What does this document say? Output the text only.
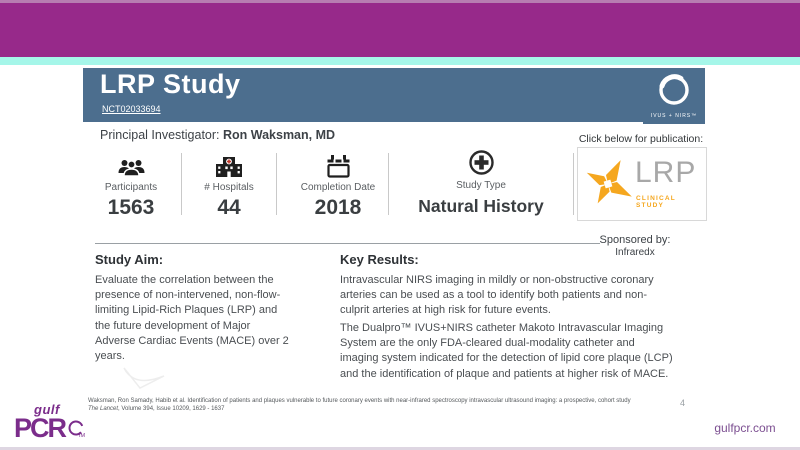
LRP Study
NCT02033694
IVUS + NIRS™
Principal Investigator: Ron Waksman, MD	Click below for publication:
LRP
CLINICAL STUDY
Participants
1563
# Hospitals
44
Completion Date
2018
Study Type
Natural History
Sponsored by:
Infraredx
Study Aim:
Evaluate the correlation between the presence of non-intervened, non-flow-limiting Lipid-Rich Plaques (LRP) and the future development of Major Adverse Cardiac Events (MACE) over 2 years.
Key Results:
Intravascular NIRS imaging in mildly or non-obstructive coronary arteries can be used as a tool to identify both patients and non-culprit arteries at high risk for future events.
The Dualpro™ IVUS+NIRS catheter Makoto Intravascular Imaging System are the only FDA-cleared dual-modality catheter and imaging system indicated for the detection of lipid core plaque (LCP) and the identification of plaque and patients at higher risk of MACE.
Waksman, Ron Samady, Habib et al. Identification of patients and plaques vulnerable to future coronary events with near-infrared spectroscopy intravascular ultrasound imaging: a prospective, cohort study
The Lancet, Volume 394, Issue 10209, 1629 - 1637
4
gulf
PCR	IM
gulfpcr.com
